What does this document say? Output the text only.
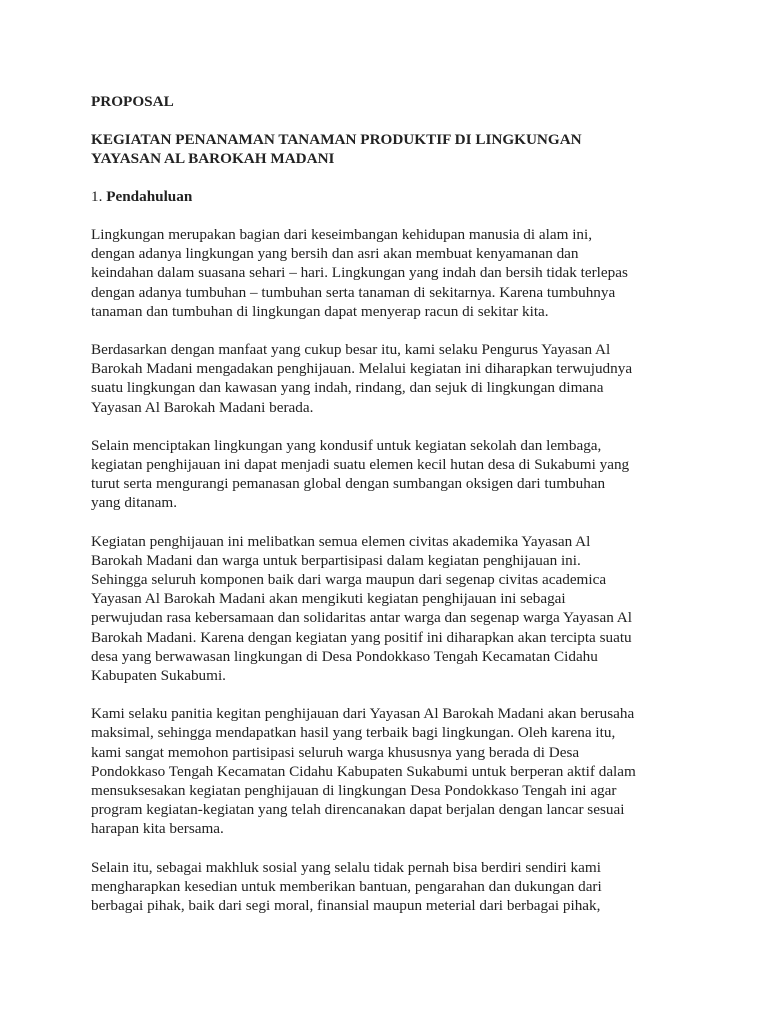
PROPOSAL

KEGIATAN PENANAMAN TANAMAN PRODUKTIF DI LINGKUNGAN
YAYASAN AL BAROKAH MADANI

1. Pendahuluan

Lingkungan merupakan bagian dari keseimbangan kehidupan manusia di alam ini,
dengan adanya lingkungan yang bersih dan asri akan membuat kenyamanan dan
keindahan dalam suasana sehari – hari. Lingkungan yang indah dan bersih tidak terlepas
dengan adanya tumbuhan – tumbuhan serta tanaman di sekitarnya. Karena tumbuhnya
tanaman dan tumbuhan di lingkungan dapat menyerap racun di sekitar kita.
Berdasarkan dengan manfaat yang cukup besar itu, kami selaku Pengurus Yayasan Al
Barokah Madani mengadakan penghijauan. Melalui kegiatan ini diharapkan terwujudnya
suatu lingkungan dan kawasan yang indah, rindang, dan sejuk di lingkungan dimana
Yayasan Al Barokah Madani berada.
Selain menciptakan lingkungan yang kondusif untuk kegiatan sekolah dan lembaga,
kegiatan penghijauan ini dapat menjadi suatu elemen kecil hutan desa di Sukabumi yang
turut serta mengurangi pemanasan global dengan sumbangan oksigen dari tumbuhan
yang ditanam.
Kegiatan penghijauan ini melibatkan semua elemen civitas akademika Yayasan Al
Barokah Madani dan warga untuk berpartisipasi dalam kegiatan penghijauan ini.
Sehingga seluruh komponen baik dari warga maupun dari segenap civitas academica
Yayasan Al Barokah Madani akan mengikuti kegiatan penghijauan ini sebagai
perwujudan rasa kebersamaan dan solidaritas antar warga dan segenap warga Yayasan Al
Barokah Madani. Karena dengan kegiatan yang positif ini diharapkan akan tercipta suatu
desa yang berwawasan lingkungan di Desa Pondokkaso Tengah Kecamatan Cidahu
Kabupaten Sukabumi.
Kami selaku panitia kegitan penghijauan dari Yayasan Al Barokah Madani akan berusaha
maksimal, sehingga mendapatkan hasil yang terbaik bagi lingkungan. Oleh karena itu,
kami sangat memohon partisipasi seluruh warga khususnya yang berada di Desa
Pondokkaso Tengah Kecamatan Cidahu Kabupaten Sukabumi untuk berperan aktif dalam
mensuksesakan kegiatan penghijauan di lingkungan Desa Pondokkaso Tengah ini agar
program kegiatan-kegiatan yang telah direncanakan dapat berjalan dengan lancar sesuai
harapan kita bersama.
Selain itu, sebagai makhluk sosial yang selalu tidak pernah bisa berdiri sendiri kami
mengharapkan kesedian untuk memberikan bantuan, pengarahan dan dukungan dari
berbagai pihak, baik dari segi moral, finansial maupun meterial dari berbagai pihak,
